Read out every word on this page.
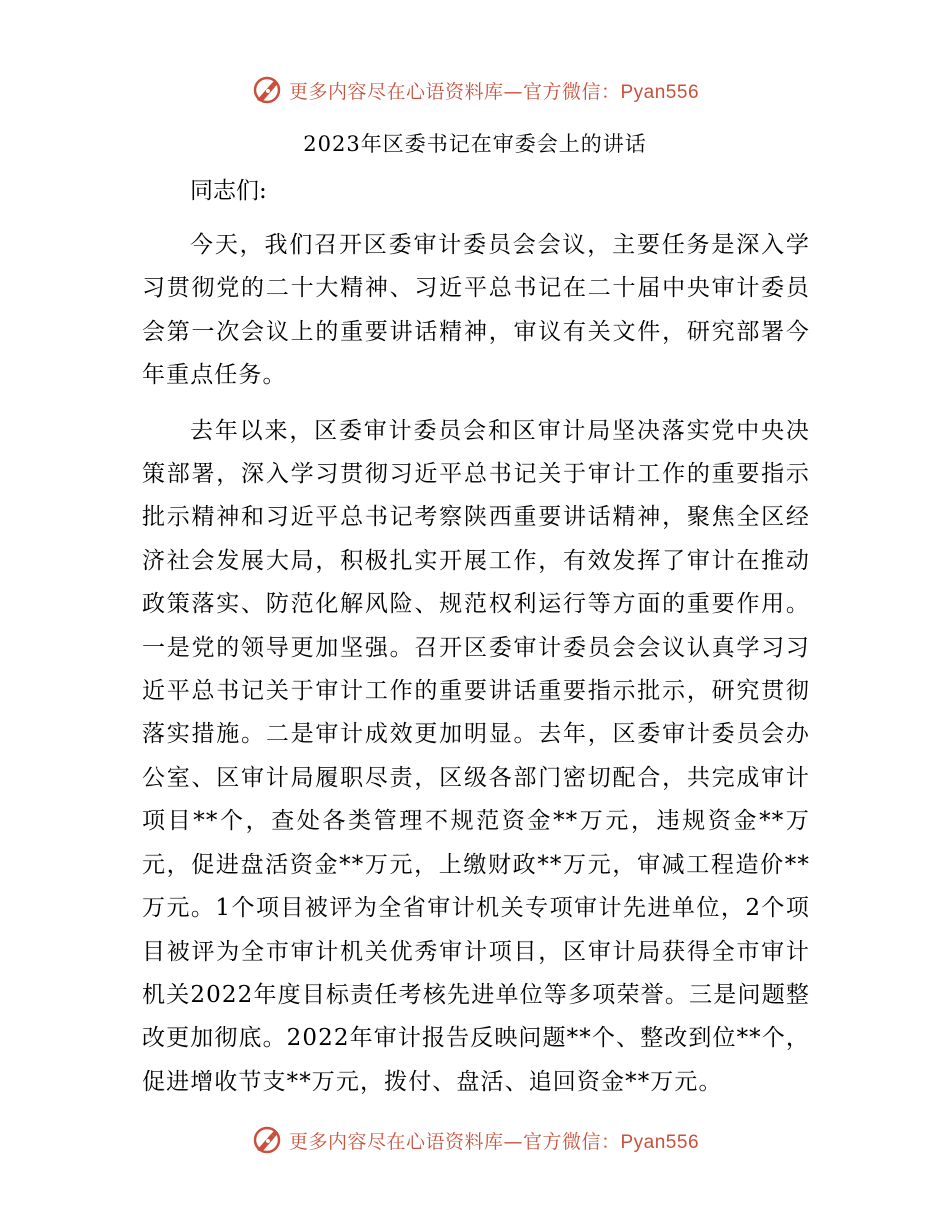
更多内容尽在心语资料库—官方微信：Pyan556
2023年区委书记在审委会上的讲话
同志们:

今天，我们召开区委审计委员会会议，主要任务是深入学习贯彻党的二十大精神、习近平总书记在二十届中央审计委员会第一次会议上的重要讲话精神，审议有关文件，研究部署今年重点任务。

去年以来，区委审计委员会和区审计局坚决落实党中央决策部署，深入学习贯彻习近平总书记关于审计工作的重要指示批示精神和习近平总书记考察陕西重要讲话精神，聚焦全区经济社会发展大局，积极扎实开展工作，有效发挥了审计在推动政策落实、防范化解风险、规范权利运行等方面的重要作用。一是党的领导更加坚强。召开区委审计委员会会议认真学习习近平总书记关于审计工作的重要讲话重要指示批示，研究贯彻落实措施。二是审计成效更加明显。去年，区委审计委员会办公室、区审计局履职尽责，区级各部门密切配合，共完成审计项目**个，查处各类管理不规范资金**万元，违规资金**万元，促进盘活资金**万元，上缴财政**万元，审减工程造价**万元。1个项目被评为全省审计机关专项审计先进单位，2个项目被评为全市审计机关优秀审计项目，区审计局获得全市审计机关2022年度目标责任考核先进单位等多项荣誉。三是问题整改更加彻底。2022年审计报告反映问题**个、整改到位**个，促进增收节支**万元，拨付、盘活、追回资金**万元。

更多内容尽在心语资料库—官方微信：Pyan556
